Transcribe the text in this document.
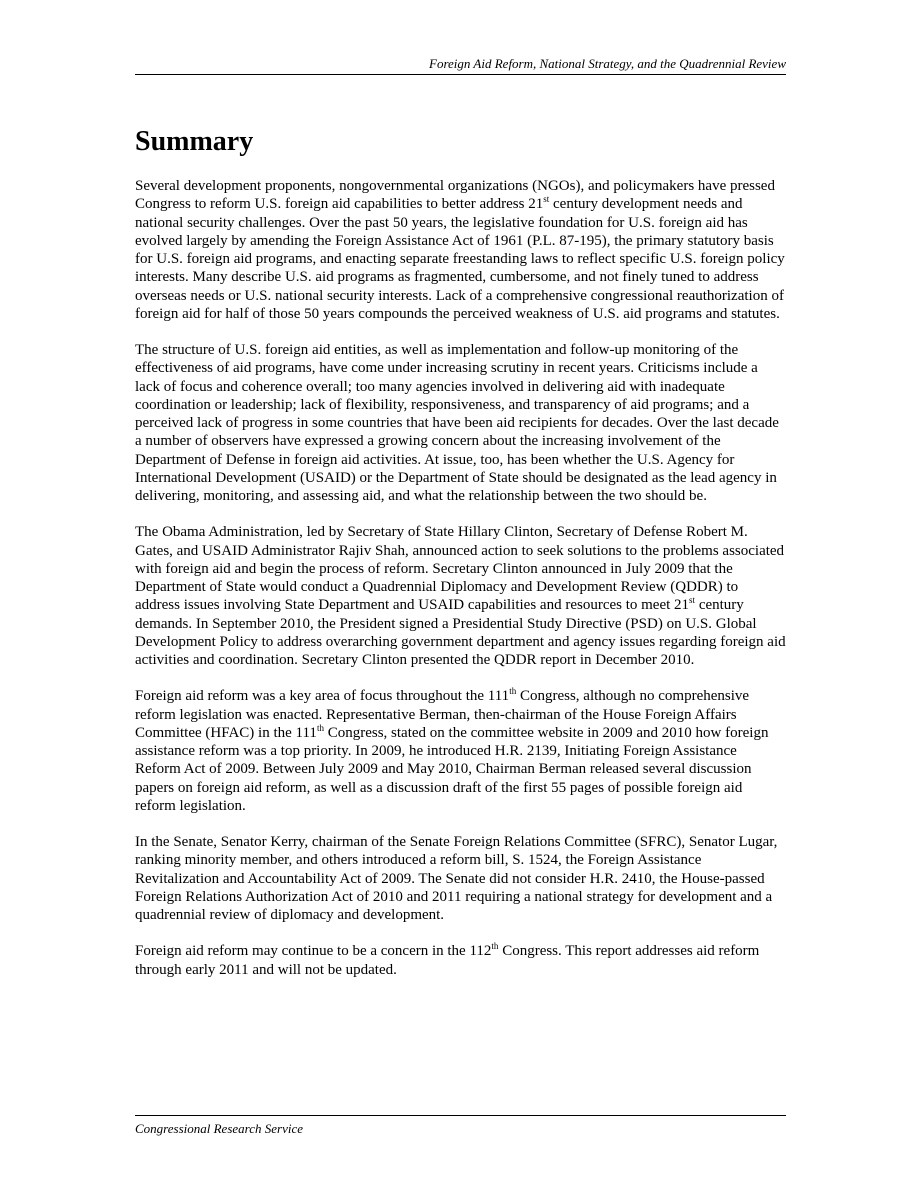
Foreign Aid Reform, National Strategy, and the Quadrennial Review
Summary

Several development proponents, nongovernmental organizations (NGOs), and policymakers have pressed Congress to reform U.S. foreign aid capabilities to better address 21st century development needs and national security challenges. Over the past 50 years, the legislative foundation for U.S. foreign aid has evolved largely by amending the Foreign Assistance Act of 1961 (P.L. 87-195), the primary statutory basis for U.S. foreign aid programs, and enacting separate freestanding laws to reflect specific U.S. foreign policy interests. Many describe U.S. aid programs as fragmented, cumbersome, and not finely tuned to address overseas needs or U.S. national security interests. Lack of a comprehensive congressional reauthorization of foreign aid for half of those 50 years compounds the perceived weakness of U.S. aid programs and statutes.

The structure of U.S. foreign aid entities, as well as implementation and follow-up monitoring of the effectiveness of aid programs, have come under increasing scrutiny in recent years. Criticisms include a lack of focus and coherence overall; too many agencies involved in delivering aid with inadequate coordination or leadership; lack of flexibility, responsiveness, and transparency of aid programs; and a perceived lack of progress in some countries that have been aid recipients for decades. Over the last decade a number of observers have expressed a growing concern about the increasing involvement of the Department of Defense in foreign aid activities. At issue, too, has been whether the U.S. Agency for International Development (USAID) or the Department of State should be designated as the lead agency in delivering, monitoring, and assessing aid, and what the relationship between the two should be.

The Obama Administration, led by Secretary of State Hillary Clinton, Secretary of Defense Robert M. Gates, and USAID Administrator Rajiv Shah, announced action to seek solutions to the problems associated with foreign aid and begin the process of reform. Secretary Clinton announced in July 2009 that the Department of State would conduct a Quadrennial Diplomacy and Development Review (QDDR) to address issues involving State Department and USAID capabilities and resources to meet 21st century demands. In September 2010, the President signed a Presidential Study Directive (PSD) on U.S. Global Development Policy to address overarching government department and agency issues regarding foreign aid activities and coordination. Secretary Clinton presented the QDDR report in December 2010.

Foreign aid reform was a key area of focus throughout the 111th Congress, although no comprehensive reform legislation was enacted. Representative Berman, then-chairman of the House Foreign Affairs Committee (HFAC) in the 111th Congress, stated on the committee website in 2009 and 2010 how foreign assistance reform was a top priority. In 2009, he introduced H.R. 2139, Initiating Foreign Assistance Reform Act of 2009. Between July 2009 and May 2010, Chairman Berman released several discussion papers on foreign aid reform, as well as a discussion draft of the first 55 pages of possible foreign aid reform legislation.

In the Senate, Senator Kerry, chairman of the Senate Foreign Relations Committee (SFRC), Senator Lugar, ranking minority member, and others introduced a reform bill, S. 1524, the Foreign Assistance Revitalization and Accountability Act of 2009. The Senate did not consider H.R. 2410, the House-passed Foreign Relations Authorization Act of 2010 and 2011 requiring a national strategy for development and a quadrennial review of diplomacy and development.

Foreign aid reform may continue to be a concern in the 112th Congress. This report addresses aid reform through early 2011 and will not be updated.

Congressional Research Service
